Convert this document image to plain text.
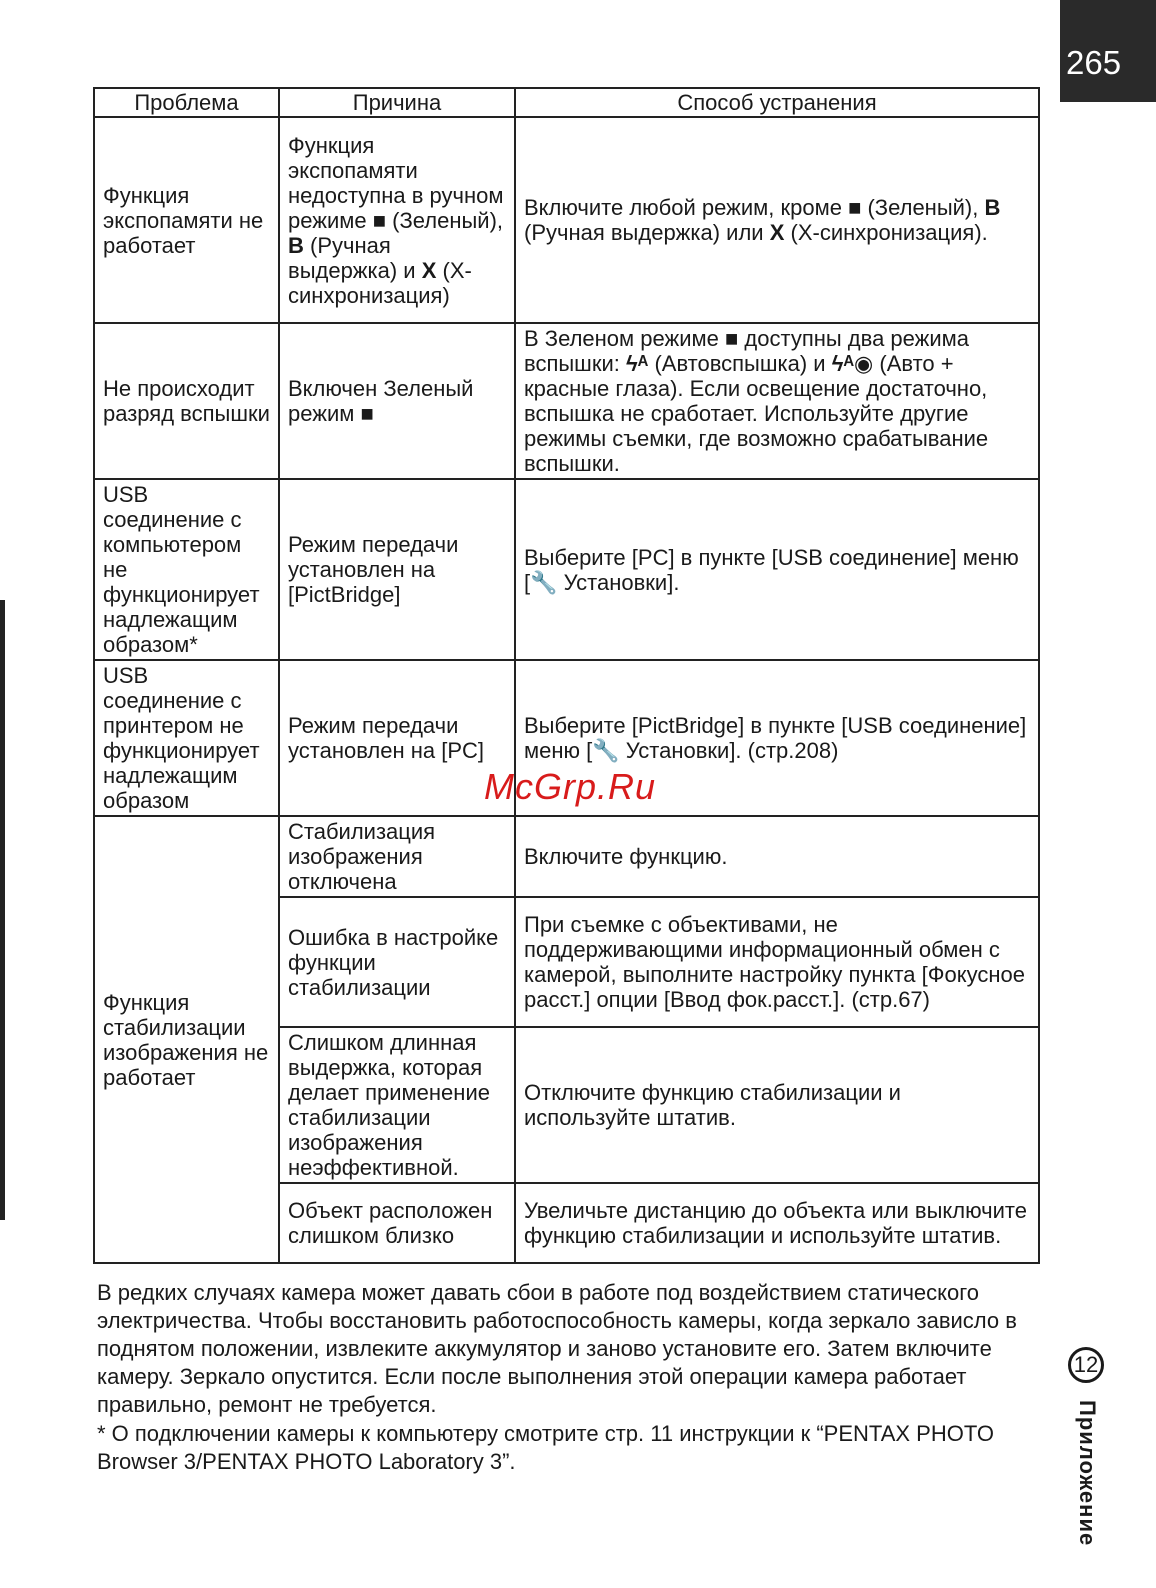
265
Проблема	Причина	Способ устранения
Функция экспопамяти не работает	Функция экспопамяти недоступна в ручном режиме ■ (Зеленый), B (Ручная выдержка) и X (X-синхронизация)	Включите любой режим, кроме ■ (Зеленый), B (Ручная выдержка) или X (X-синхронизация).
Не происходит разряд вспышки	Включен Зеленый режим ■	В Зеленом режиме ■ доступны два режима вспышки: ϟᴬ (Автовспышка) и ϟᴬ◉ (Авто + красные глаза). Если освещение достаточно, вспышка не сработает. Используйте другие режимы съемки, где возможно срабатывание вспышки.
USB соединение с компьютером не функционирует надлежащим образом*	Режим передачи установлен на [PictBridge]	Выберите [PC] в пункте [USB соединение] меню [🔧 Установки].
USB соединение с принтером не функционирует надлежащим образом	Режим передачи установлен на [PC]	Выберите [PictBridge] в пункте [USB соединение] меню [🔧 Установки]. (стр.208)
Функция стабилизации изображения не работает	Стабилизация изображения отключена	Включите функцию.
	Ошибка в настройке функции стабилизации	При съемке с объективами, не поддерживающими информационный обмен с камерой, выполните настройку пункта [Фокусное расст.] опции [Ввод фок.расст.]. (стр.67)
	Слишком длинная выдержка, которая делает применение стабилизации изображения неэффективной.	Отключите функцию стабилизации и используйте штатив.
	Объект расположен слишком близко	Увеличьте дистанцию до объекта или выключите функцию стабилизации и используйте штатив.
McGrp.Ru

В редких случаях камера может давать сбои в работе под воздействием статического электричества. Чтобы восстановить работоспособность камеры, когда зеркало зависло в поднятом положении, извлеките аккумулятор и заново установите его. Затем включите камеру. Зеркало опустится. Если после выполнения этой операции камера работает правильно, ремонт не требуется.

* О подключении камеры к компьютеру смотрите стр. 11 инструкции к “PENTAX PHOTO Browser 3/PENTAX PHOTO Laboratory 3”.

12
Приложение
